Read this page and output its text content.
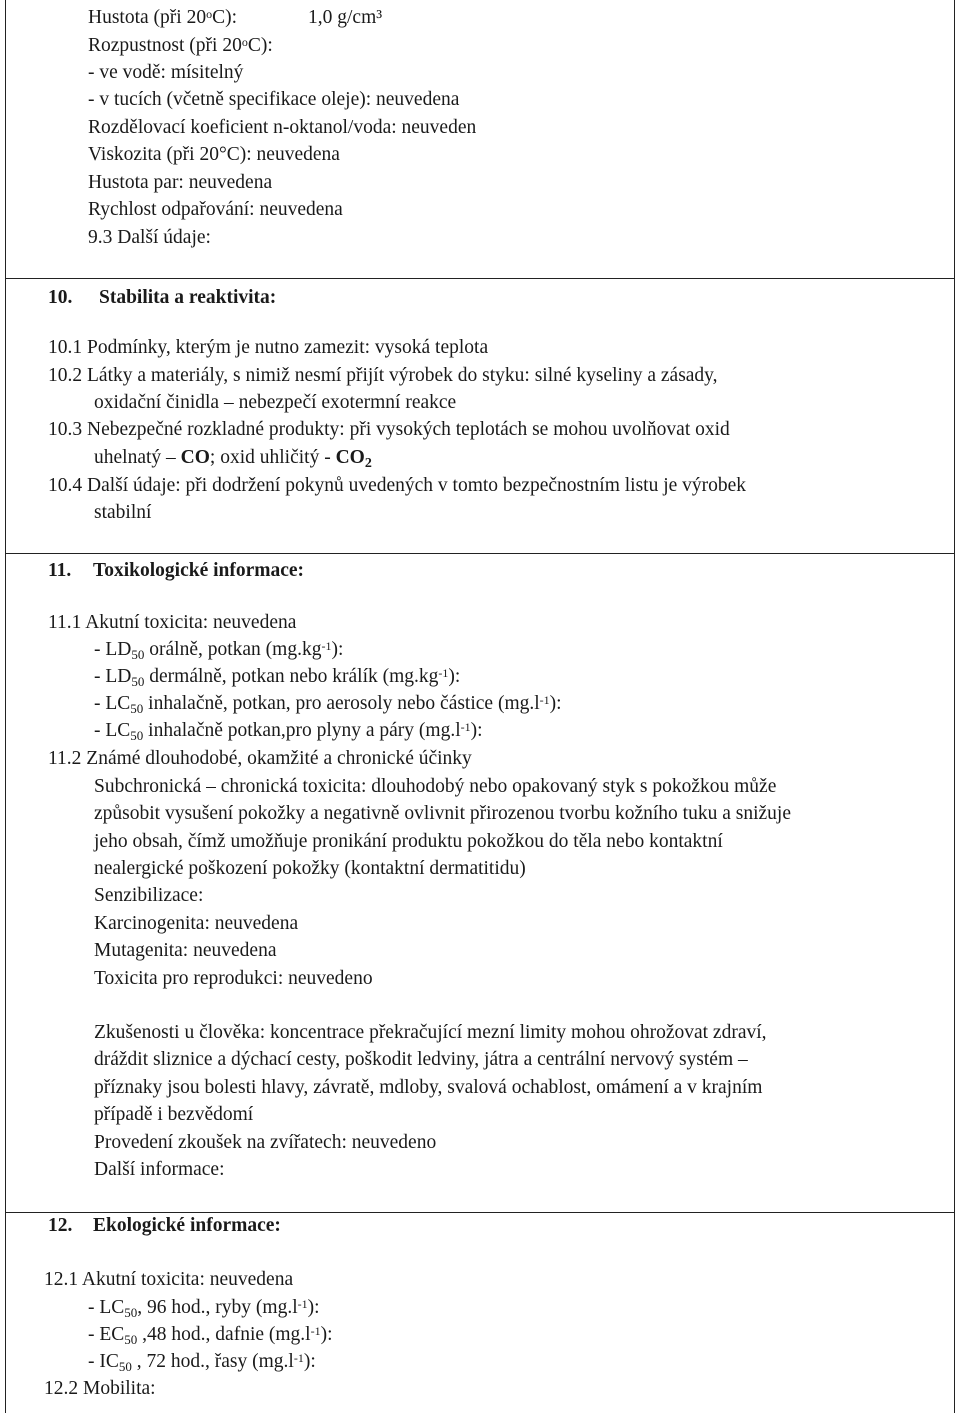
Hustota (při 20$^o$C):	1,0 g/cm³
Rozpustnost (při 20$^o$C):
- ve vodě: mísitelný
- v tucích (včetně specifikace oleje): neuvedena
Rozdělovací koeficient n-oktanol/voda: neuveden
Viskozita (při 20°C): neuvedena
Hustota par: neuvedena
Rychlost odpařování: neuvedena
9.3 Další údaje:
10. Stabilita a reaktivita:
10.1 Podmínky, kterým je nutno zamezit: vysoká teplota
10.2 Látky a materiály, s nimiž nesmí přijít výrobek do styku: silné kyseliny a zásady,
oxidační činidla – nebezpečí exotermní reakce
10.3 Nebezpečné rozkladné produkty: při vysokých teplotách se mohou uvolňovat oxid
uhelnatý – CO; oxid uhličitý - $CO_2$
10.4 Další údaje: při dodržení pokynů uvedených v tomto bezpečnostním listu je výrobek
stabilní
11. Toxikologické informace:
11.1 Akutní toxicita: neuvedena
- $LD_{50}$ orálně, potkan $(mg.kg^{-1})$:
- $LD_{50}$ dermálně, potkan nebo králík $(mg.kg^{-1})$:
- $LC_{50}$ inhalačně, potkan, pro aerosoly nebo částice $(mg.l^{-1})$:
- $LC_{50}$ inhalačně potkan,pro plyny a páry $(mg.l^{-1})$:
11.2 Známé dlouhodobé, okamžité a chronické účinky
Subchronická – chronická toxicita: dlouhodobý nebo opakovaný styk s pokožkou může
způsobit vysušení pokožky a negativně ovlivnit přirozenou tvorbu kožního tuku a snižuje
jeho obsah, čímž umožňuje pronikání produktu pokožkou do těla nebo kontaktní
nealergické poškození pokožky (kontaktní dermatitidu)
Senzibilizace:
Karcinogenita: neuvedena
Mutagenita: neuvedena
Toxicita pro reprodukci: neuvedeno
Zkušenosti u člověka: koncentrace překračující mezní limity mohou ohrožovat zdraví,
dráždit sliznice a dýchací cesty, poškodit ledviny, játra a centrální nervový systém –
příznaky jsou bolesti hlavy, závratě, mdloby, svalová ochablost, omámení a v krajním
případě i bezvědomí
Provedení zkoušek na zvířatech: neuvedeno
Další informace:
12. Ekologické informace:
12.1 Akutní toxicita: neuvedena
- $LC_{50}$, 96 hod., ryby $(mg.l^{-1})$:
- $EC_{50}$ ,48 hod., dafnie $(mg.l^{-1})$:
- $IC_{50}$ , 72 hod., řasy $(mg.l^{-1})$:
12.2 Mobilita:
